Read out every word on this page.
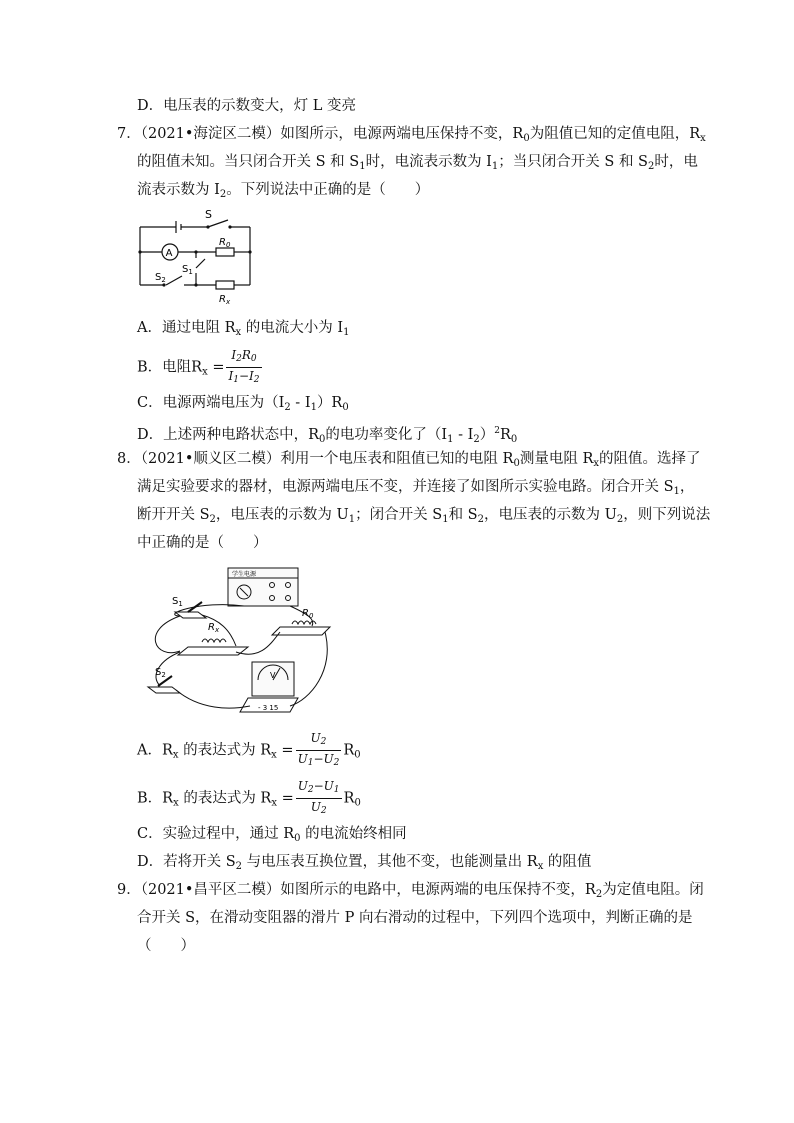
D．电压表的示数变大，灯 L 变亮
7．（2021•海淀区二模）如图所示，电源两端电压保持不变，$R_0$为阻值已知的定值电阻，$R_x$
的阻值未知。当只闭合开关 S 和 $S_1$时，电流表示数为 $I_1$；当只闭合开关 S 和 $S_2$时，电
流表示数为 $I_2$。下列说法中正确的是（　　）
A
S
$R_0$
$S_1$
$S_2$
$R_x$
A．通过电阻 $R_x$ 的电流大小为 $I_1$
B．电阻$R_x = \frac{I_2R_0}{I_1-I_2}$
C．电源两端电压为$(I_2 - I_1)R_0$
D．上述两种电路状态中，$R_0$的电功率变化了$(I_1 - I_2)^2R_0$
8．（2021•顺义区二模）利用一个电压表和阻值已知的电阻 $R_0$测量电阻 $R_x$的阻值。选择了
满足实验要求的器材，电源两端电压不变，并连接了如图所示实验电路。闭合开关 $S_1$，
断开开关 $S_2$，电压表的示数为 $U_1$；闭合开关 $S_1$和 $S_2$，电压表的示数为 $U_2$，则下列说法
中正确的是（　　）
学生电源
V
- 3 15
$S_1$
$R_x$
$R_0$
$S_2$
A．$R_x$ 的表达式为 $R_x = \frac{U_2}{U_1-U_2} R_0$
B．$R_x$ 的表达式为 $R_x = \frac{U_2-U_1}{U_2} R_0$
C．实验过程中，通过 $R_0$ 的电流始终相同
D．若将开关 $S_2$ 与电压表互换位置，其他不变，也能测量出 $R_x$ 的阻值
9．（2021•昌平区二模）如图所示的电路中，电源两端的电压保持不变，$R_2$为定值电阻。闭
合开关 S，在滑动变阻器的滑片 P 向右滑动的过程中，下列四个选项中，判断正确的是
（　　）
